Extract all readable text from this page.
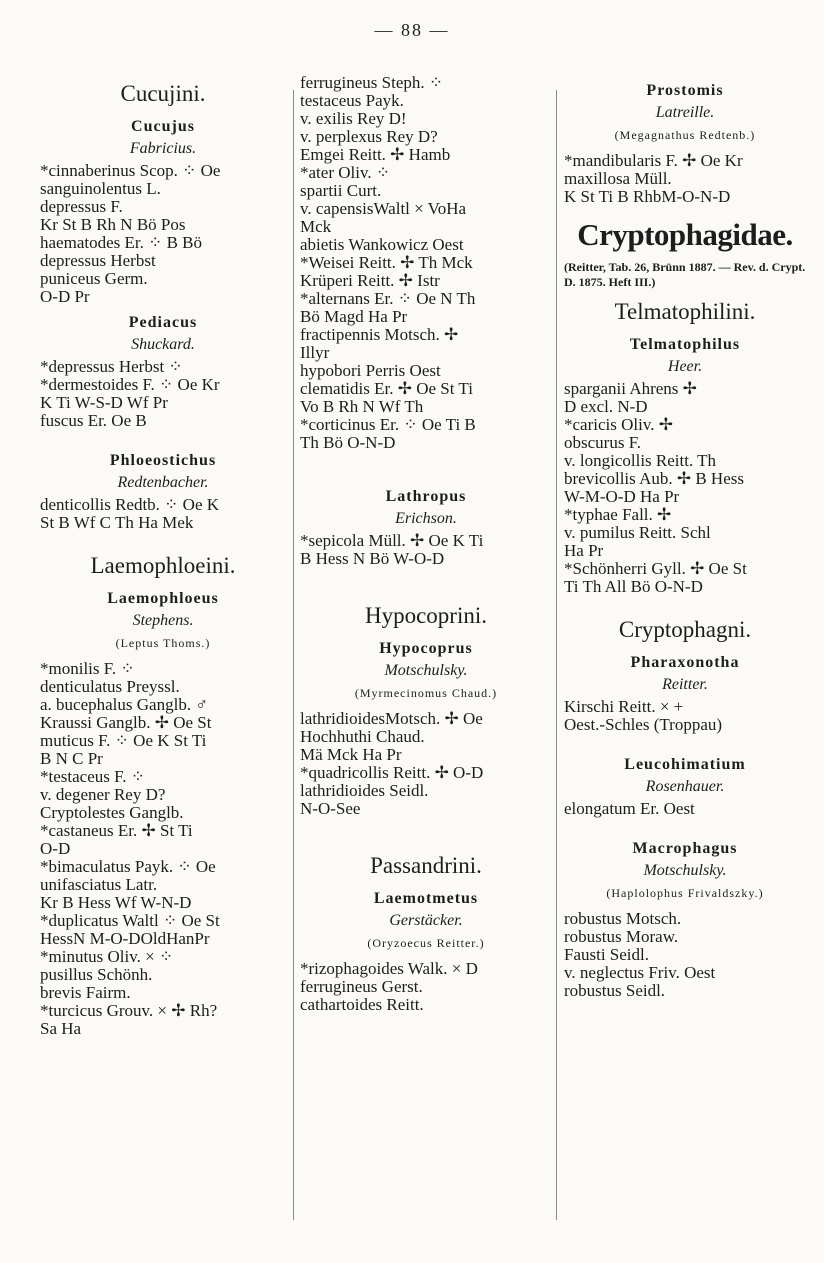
— 88 —
Cucujini.
Cucujus
Fabricius.
*cinnaberinus Scop. ⁘ Oe
sanguinolentus L.
depressus F.
Kr St B Rh N Bö Pos
haematodes Er. ⁘ B Bö
depressus Herbst
puniceus Germ.
O-D Pr
Pediacus
Shuckard.
*depressus Herbst ⁘
*dermestoides F. ⁘ Oe Kr
K Ti W-S-D Wf Pr
fuscus Er. Oe B
Phloeostichus
Redtenbacher.
denticollis Redtb. ⁘ Oe K
St B Wf C Th Ha Mek
Laemophloeini.
Laemophloeus
Stephens.
(Leptus Thoms.)
*monilis F. ⁘
denticulatus Preyssl.
a. bucephalus Ganglb. ♂
Kraussi Ganglb. ✢ Oe St
muticus F. ⁘ Oe K St Ti
B N C Pr
*testaceus F. ⁘
v. degener Rey D?
Cryptolestes Ganglb.
*castaneus Er. ✢ St Ti
O-D
*bimaculatus Payk. ⁘ Oe
unifasciatus Latr.
Kr B Hess Wf W-N-D
*duplicatus Waltl ⁘ Oe St
HessN M-O-DOldHanPr
*minutus Oliv. × ⁘
pusillus Schönh.
brevis Fairm.
*turcicus Grouv. × ✢ Rh?
Sa Ha
ferrugineus Steph. ⁘
testaceus Payk.
v. exilis Rey D!
v. perplexus Rey D?
Emgei Reitt. ✢ Hamb
*ater Oliv. ⁘
spartii Curt.
v. capensisWaltl × VoHa
Mck
abietis Wankowicz Oest
*Weisei Reitt. ✢ Th Mck
Krüperi Reitt. ✢ Istr
*alternans Er. ⁘ Oe N Th
Bö Magd Ha Pr
fractipennis Motsch. ✢
Illyr
hypobori Perris Oest
clematidis Er. ✢ Oe St Ti
Vo B Rh N Wf Th
*corticinus Er. ⁘ Oe Ti B
Th Bö O-N-D
Lathropus
Erichson.
*sepicola Müll. ✢ Oe K Ti
B Hess N Bö W-O-D
Hypocoprini.
Hypocoprus
Motschulsky.
(Myrmecinomus Chaud.)
lathridioidesMotsch. ✢ Oe
Hochhuthi Chaud.
Mä Mck Ha Pr
*quadricollis Reitt. ✢ O-D
lathridioides Seidl.
N-O-See
Passandrini.
Laemotmetus
Gerstäcker.
(Oryzoecus Reitter.)
*rizophagoides Walk. × D
ferrugineus Gerst.
cathartoides Reitt.
Prostomis
Latreille.
(Megagnathus Redtenb.)
*mandibularis F. ✢ Oe Kr
maxillosa Müll.
K St Ti B RhbM-O-N-D
Cryptophagidae.
(Reitter, Tab. 26, Brünn 1887. — Rev. d. Crypt. D. 1875. Heft III.)
Telmatophilini.
Telmatophilus
Heer.
sparganii Ahrens ✢
D excl. N-D
*caricis Oliv. ✢
obscurus F.
v. longicollis Reitt. Th
brevicollis Aub. ✢ B Hess
W-M-O-D Ha Pr
*typhae Fall. ✢
v. pumilus Reitt. Schl
Ha Pr
*Schönherri Gyll. ✢ Oe St
Ti Th All Bö O-N-D
Cryptophagni.
Pharaxonotha
Reitter.
Kirschi Reitt. × +
Oest.-Schles (Troppau)
Leucohimatium
Rosenhauer.
elongatum Er. Oest
Macrophagus
Motschulsky.
(Haplolophus Frivaldszky.)
robustus Motsch.
robustus Moraw.
Fausti Seidl.
v. neglectus Friv. Oest
robustus Seidl.
